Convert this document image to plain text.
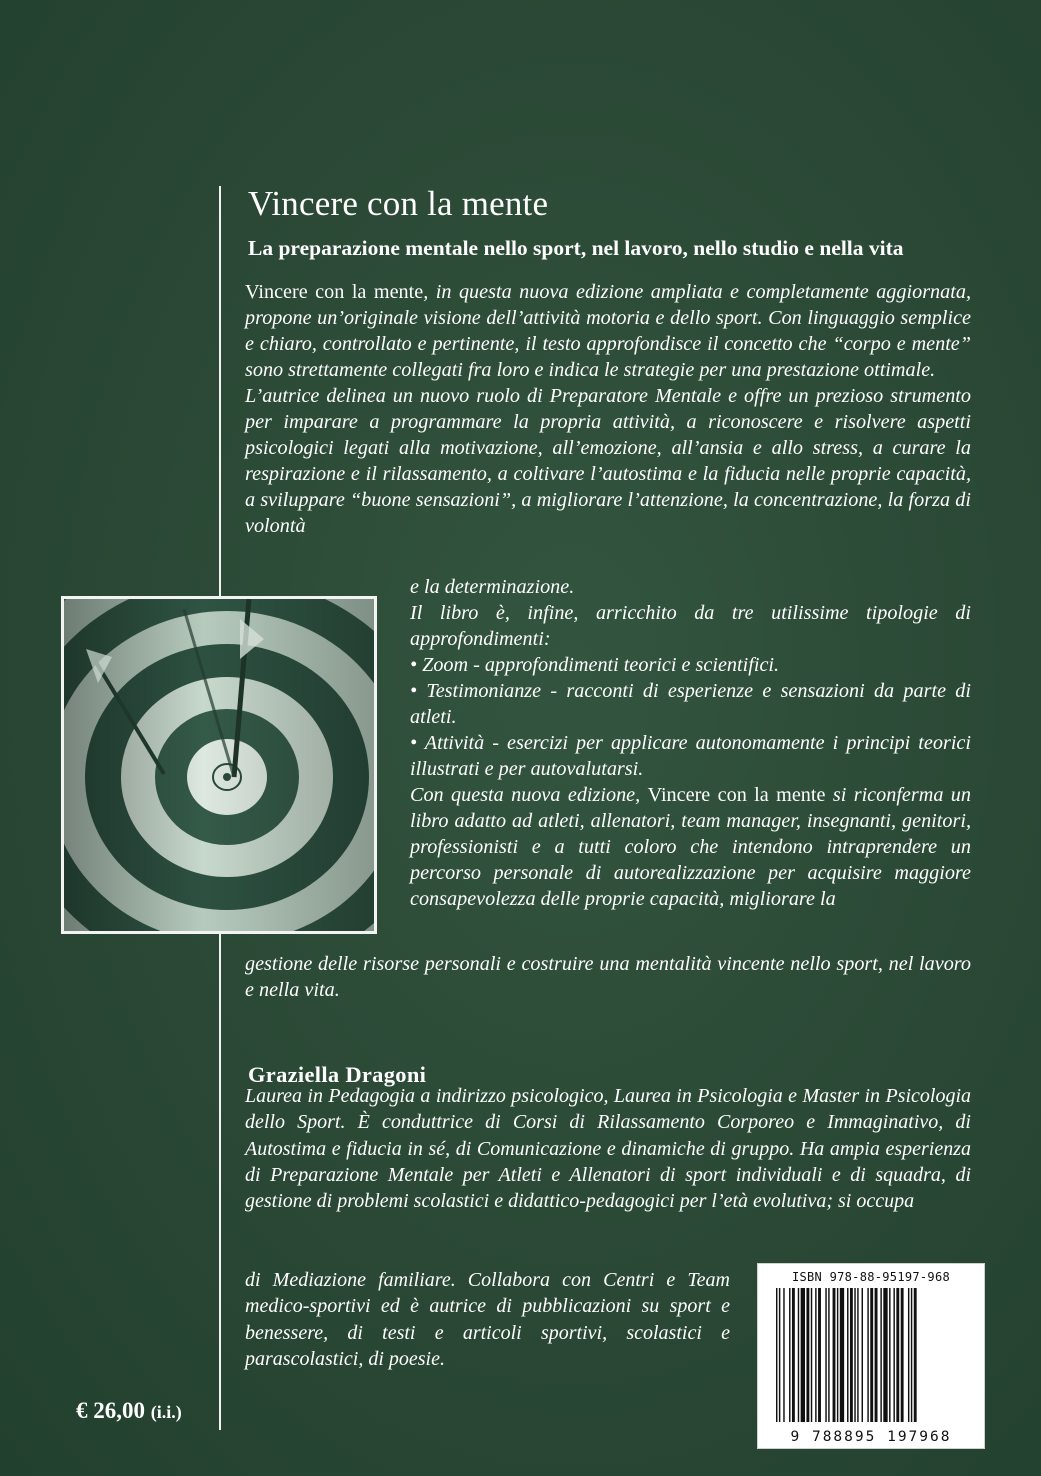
Vincere con la mente
La preparazione mentale nello sport, nel lavoro, nello studio e nella vita

Vincere con la mente, in questa nuova edizione ampliata e completamente aggiornata, propone un’originale visione dell’attività motoria e dello sport. Con linguaggio semplice e chiaro, controllato e pertinente, il testo approfondisce il concetto che “corpo e mente” sono strettamente collegati fra loro e indica le strategie per una prestazione ottimale.

L’autrice delinea un nuovo ruolo di Preparatore Mentale e offre un prezioso strumento per imparare a programmare la propria attività, a riconoscere e risolvere aspetti psicologici legati alla motivazione, all’emozione, all’ansia e allo stress, a curare la respirazione e il rilassamento, a coltivare l’autostima e la fiducia nelle proprie capacità, a sviluppare “buone sensazioni”, a migliorare l’attenzione, la concentrazione, la forza di volontà

e la determinazione.

Il libro è, infine, arricchito da tre utilissime tipologie di approfondimenti:

• Zoom - approfondimenti teorici e scientifici.

• Testimonianze - racconti di esperienze e sensazioni da parte di atleti.

• Attività - esercizi per applicare autonomamente i principi teorici illustrati e per autovalutarsi.

Con questa nuova edizione, Vincere con la mente si riconferma un libro adatto ad atleti, allenatori, team manager, insegnanti, genitori, professionisti e a tutti coloro che intendono intraprendere un percorso personale di autorealizzazione per acquisire maggiore consapevolezza delle proprie capacità, migliorare la

gestione delle risorse personali e costruire una mentalità vincente nello sport, nel lavoro e nella vita.

Graziella Dragoni

Laurea in Pedagogia a indirizzo psicologico, Laurea in Psicologia e Master in Psicologia dello Sport. È conduttrice di Corsi di Rilassamento Corporeo e Immaginativo, di Autostima e fiducia in sé, di Comunicazione e dinamiche di gruppo. Ha ampia esperienza di Preparazione Mentale per Atleti e Allenatori di sport individuali e di squadra, di gestione di problemi scolastici e didattico-pedagogici per l’età evolutiva; si occupa

di Mediazione familiare. Collabora con Centri e Team medico-sportivi ed è autrice di pubblicazioni su sport e benessere, di testi e articoli sportivi, scolastici e parascolastici, di poesie.

€ 26,00 (i.i.)

ISBN 978-88-95197-968
9 788895 197968
